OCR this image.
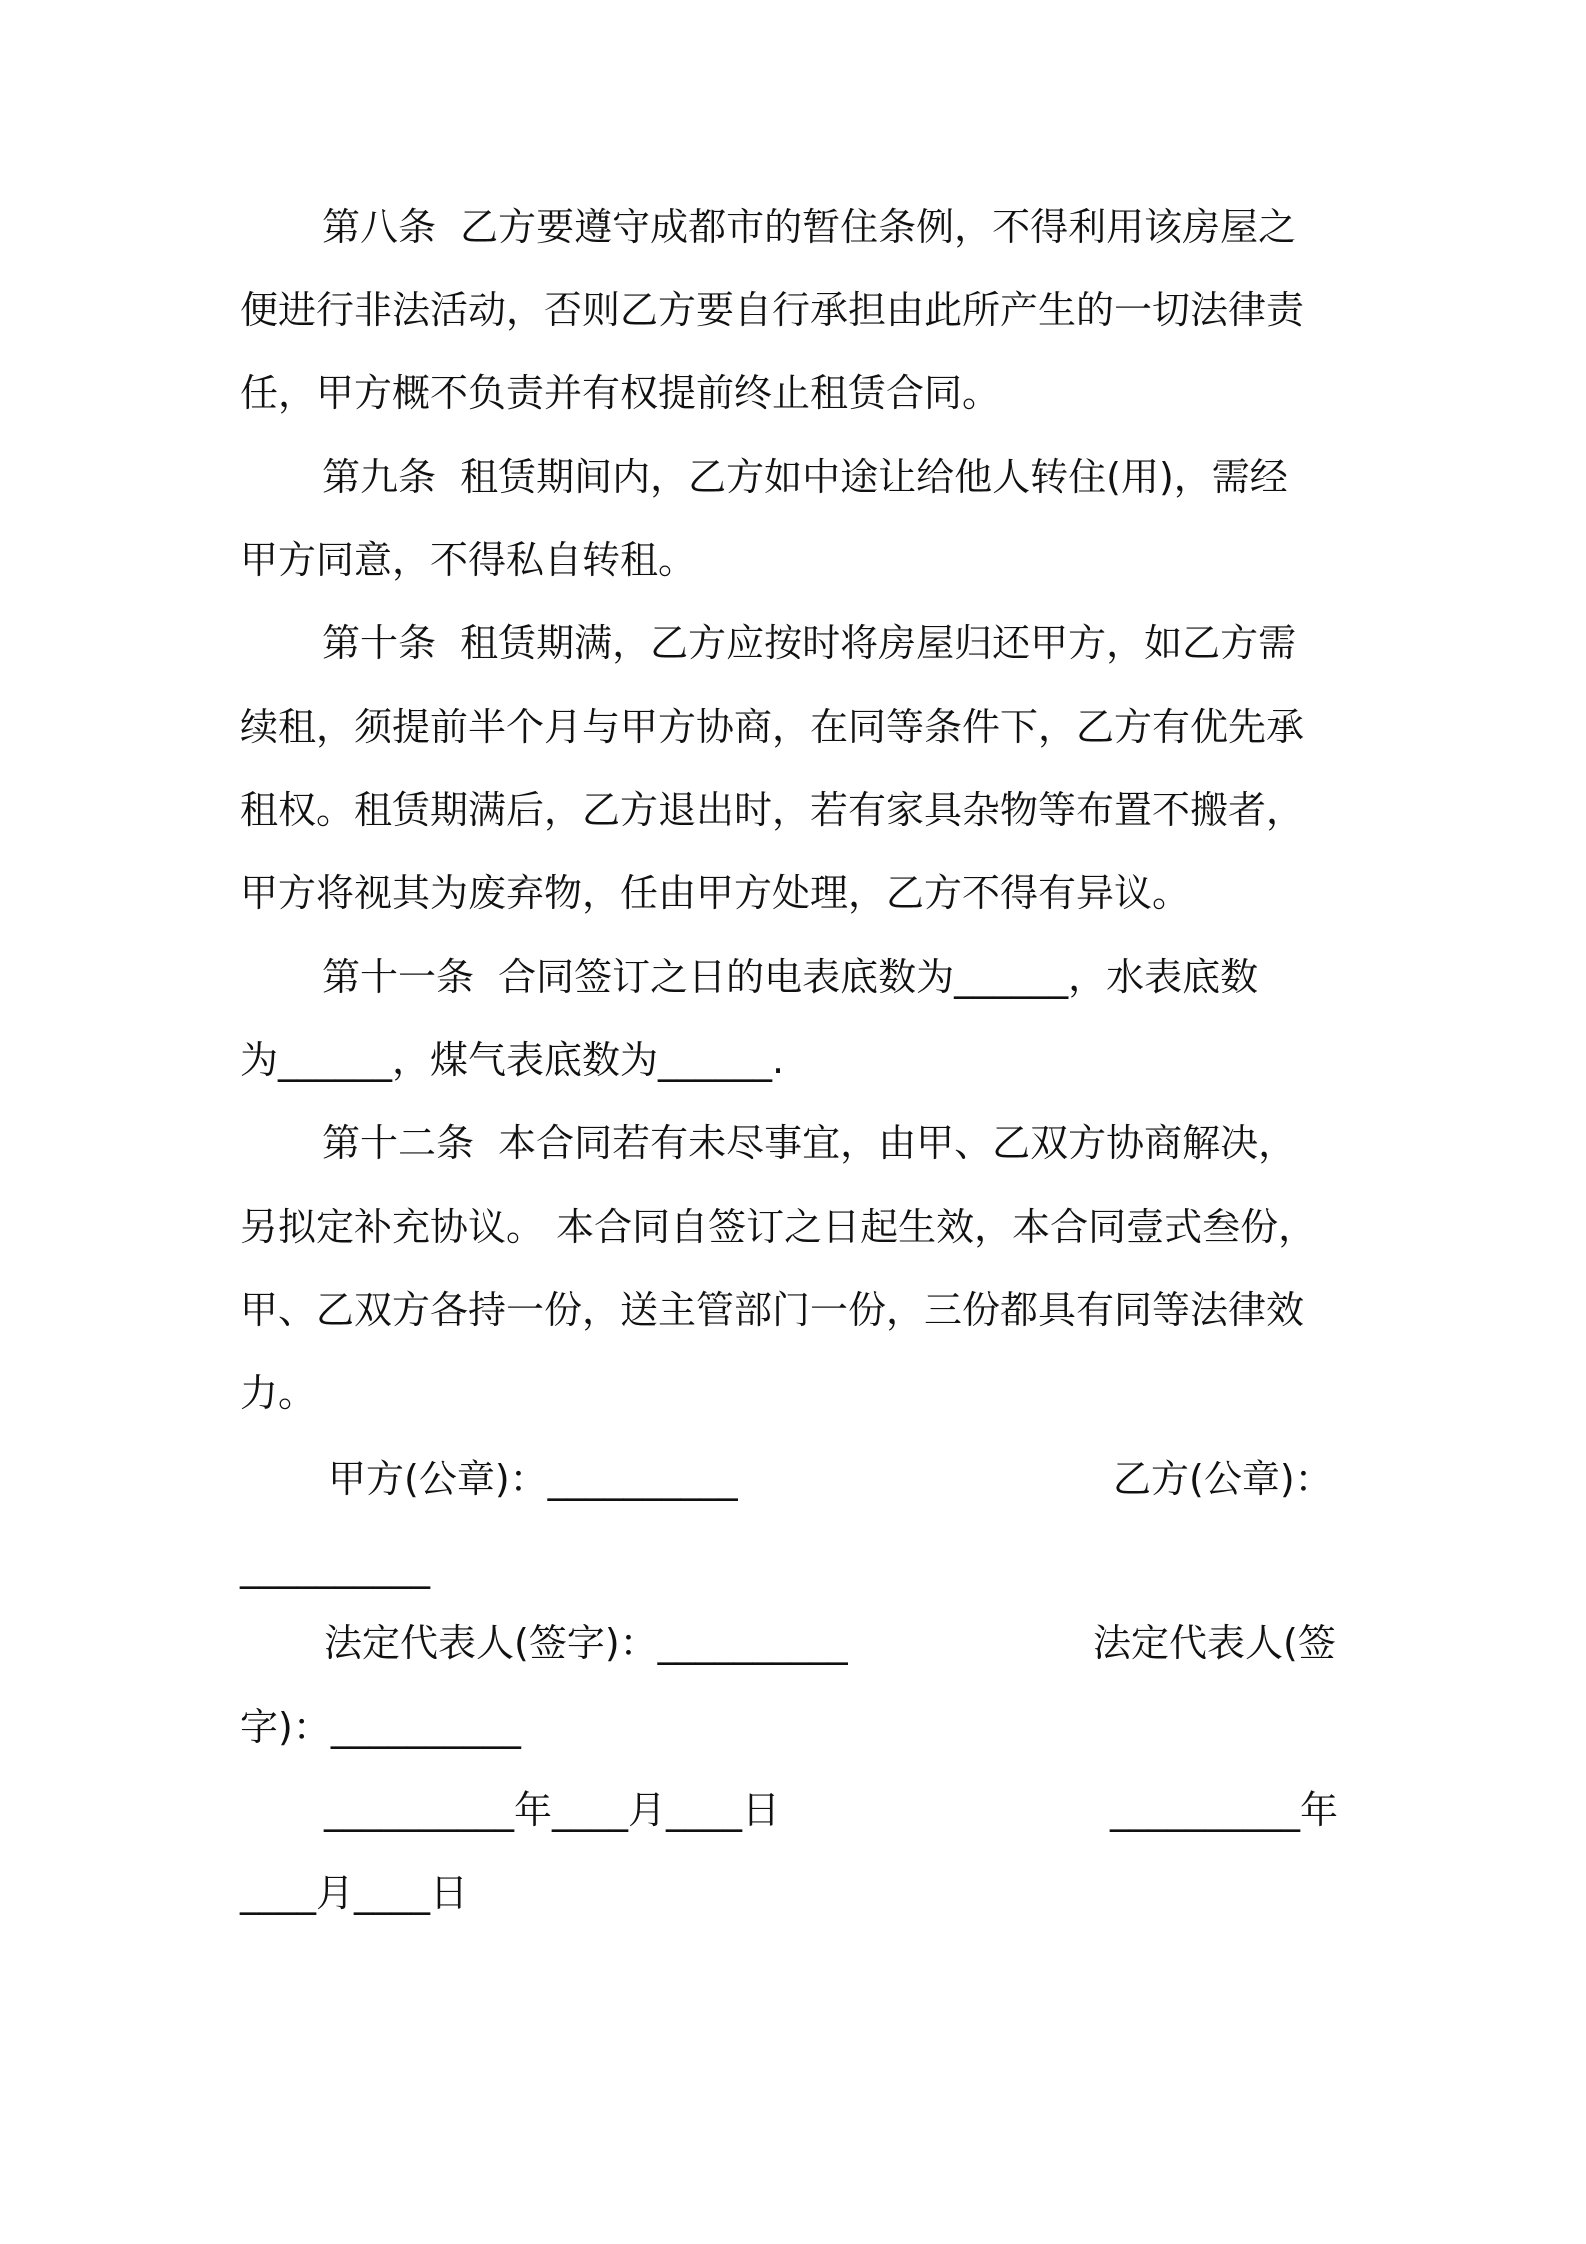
第八条  乙方要遵守成都市的暂住条例，不得利用该房屋之
便进行非法活动，否则乙方要自行承担由此所产生的一切法律责
任，甲方概不负责并有权提前终止租赁合同。
第九条  租赁期间内，乙方如中途让给他人转住(用)，需经
甲方同意，不得私自转租。
第十条  租赁期满，乙方应按时将房屋归还甲方，如乙方需
续租，须提前半个月与甲方协商，在同等条件下，乙方有优先承
租权。租赁期满后，乙方退出时，若有家具杂物等布置不搬者，
甲方将视其为废弃物，任由甲方处理，乙方不得有异议。
第十一条  合同签订之日的电表底数为______，水表底数
为______，煤气表底数为______.
第十二条  本合同若有未尽事宜，由甲、乙双方协商解决，
另拟定补充协议。 本合同自签订之日起生效，本合同壹式叁份，
甲、乙双方各持一份，送主管部门一份，三份都具有同等法律效
力。
甲方(公章)：__________	乙方(公章)：
__________
法定代表人(签字)：__________	法定代表人(签
字)：__________
__________年____月____日	__________年
____月____日
